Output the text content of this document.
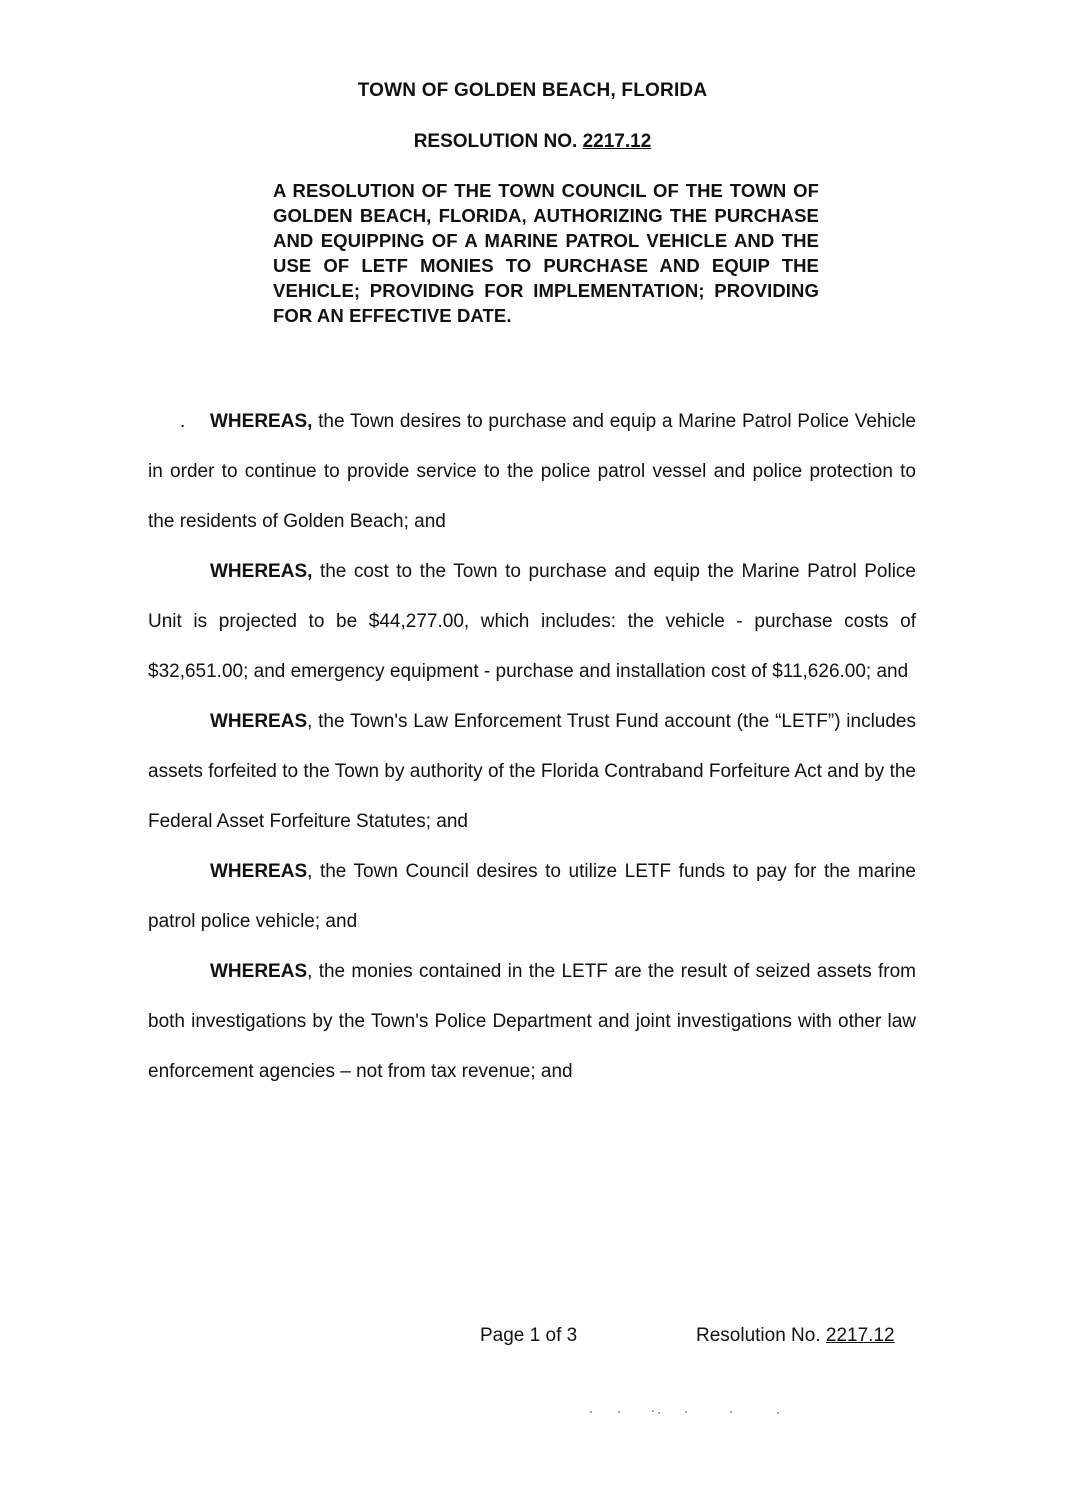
TOWN OF GOLDEN BEACH, FLORIDA
RESOLUTION NO. 2217.12
A RESOLUTION OF THE TOWN COUNCIL OF THE TOWN OF GOLDEN BEACH, FLORIDA, AUTHORIZING THE PURCHASE AND EQUIPPING OF A MARINE PATROL VEHICLE AND THE USE OF LETF MONIES TO PURCHASE AND EQUIP THE VEHICLE; PROVIDING FOR IMPLEMENTATION; PROVIDING FOR AN EFFECTIVE DATE.

. WHEREAS, the Town desires to purchase and equip a Marine Patrol Police Vehicle in order to continue to provide service to the police patrol vessel and police protection to the residents of Golden Beach; and

WHEREAS, the cost to the Town to purchase and equip the Marine Patrol Police Unit is projected to be $44,277.00, which includes: the vehicle - purchase costs of $32,651.00; and emergency equipment - purchase and installation cost of $11,626.00; and

WHEREAS, the Town's Law Enforcement Trust Fund account (the “LETF”) includes assets forfeited to the Town by authority of the Florida Contraband Forfeiture Act and by the Federal Asset Forfeiture Statutes; and

WHEREAS, the Town Council desires to utilize LETF funds to pay for the marine patrol police vehicle; and

WHEREAS, the monies contained in the LETF are the result of seized assets from both investigations by the Town's Police Department and joint investigations with other law enforcement agencies – not from tax revenue; and

Page 1 of 3	Resolution No. 2217.12
